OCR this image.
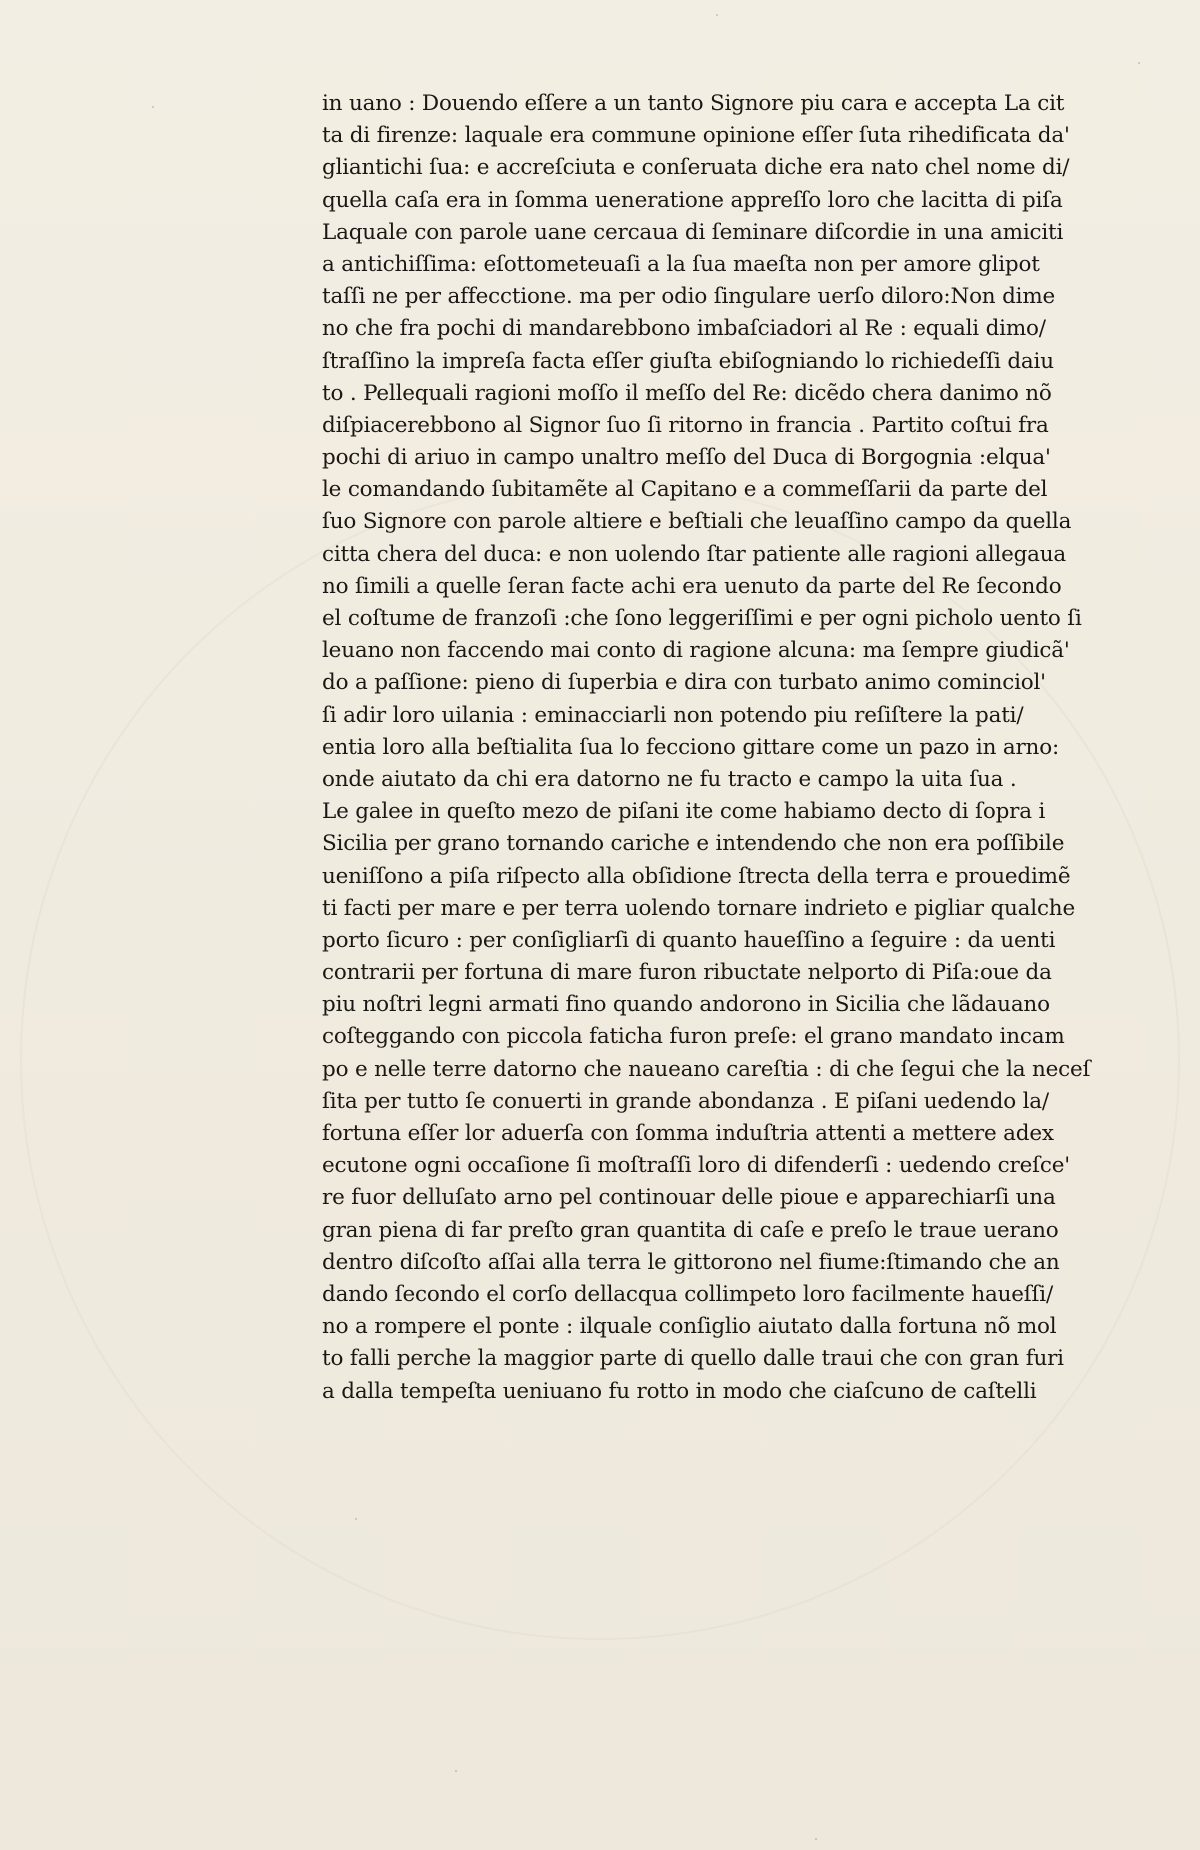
in uano : Douendo eſſere a un tanto Signore piu cara e accepta La cit
ta di firenze: laquale era commune opinione eſſer ſuta rihedificata da'
gliantichi ſua: e accreſciuta e conſeruata diche era nato chel nome di/
quella caſa era in ſomma ueneratione appreſſo loro che lacitta di piſa
Laquale con parole uane cercaua di ſeminare diſcordie in una amiciti
a antichiſſima: eſottometeuaſi a la ſua maeſta non per amore glipot
taſſi ne per affecctione. ma per odio ſingulare uerſo diloro:Non dime
no che fra pochi di mandarebbono imbaſciadori al Re : equali dimo/
ſtraſſino la impreſa facta eſſer giuſta ebiſogniando lo richiedeſſi daiu
to . Pellequali ragioni moſſo il meſſo del Re: dicẽdo chera danimo nõ
diſpiacerebbono al Signor ſuo ſi ritorno in francia . Partito coſtui fra
pochi di ariuo in campo unaltro meſſo del Duca di Borgognia :elqua'
le comandando ſubitamẽte al Capitano e a commeſſarii da parte del
ſuo Signore con parole altiere e beſtiali che leuaſſino campo da quella
citta chera del duca: e non uolendo ſtar patiente alle ragioni allegaua
no ſimili a quelle ſeran facte achi era uenuto da parte del Re ſecondo
el coſtume de franzoſi :che ſono leggeriſſimi e per ogni picholo uento ſi
leuano non faccendo mai conto di ragione alcuna: ma ſempre giudicã'
do a paſſione: pieno di ſuperbia e dira con turbato animo cominciol'
ſi adir loro uilania : eminacciarli non potendo piu reſiſtere la pati/
entia loro alla beſtialita ſua lo fecciono gittare come un pazo in arno:
onde aiutato da chi era datorno ne fu tracto e campo la uita ſua .
Le galee in queſto mezo de piſani ite come habiamo decto di ſopra i
Sicilia per grano tornando cariche e intendendo che non era poſſibile
ueniſſono a piſa riſpecto alla obſidione ſtrecta della terra e prouedimẽ
ti facti per mare e per terra uolendo tornare indrieto e pigliar qualche
porto ſicuro : per conſigliarſi di quanto haueſſino a ſeguire : da uenti
contrarii per fortuna di mare furon ribuctate nelporto di Piſa:oue da
piu noſtri legni armati fino quando andorono in Sicilia che lãdauano
coſteggando con piccola faticha furon preſe: el grano mandato incam
po e nelle terre datorno che naueano careſtia : di che ſegui che la neceſ
ſita per tutto ſe conuerti in grande abondanza . E piſani uedendo la/
fortuna eſſer lor aduerſa con ſomma induſtria attenti a mettere adex
ecutone ogni occaſione ſi moſtraſſi loro di difenderſi : uedendo creſce'
re fuor delluſato arno pel continouar delle pioue e apparechiarſi una
gran piena di far preſto gran quantita di caſe e preſo le traue uerano
dentro diſcoſto aſſai alla terra le gittorono nel fiume:ſtimando che an
dando ſecondo el corſo dellacqua collimpeto loro facilmente haueſſi/
no a rompere el ponte : ilquale conſiglio aiutato dalla fortuna nõ mol
to falli perche la maggior parte di quello dalle traui che con gran furi
a dalla tempeſta ueniuano fu rotto in modo che ciaſcuno de caſtelli
